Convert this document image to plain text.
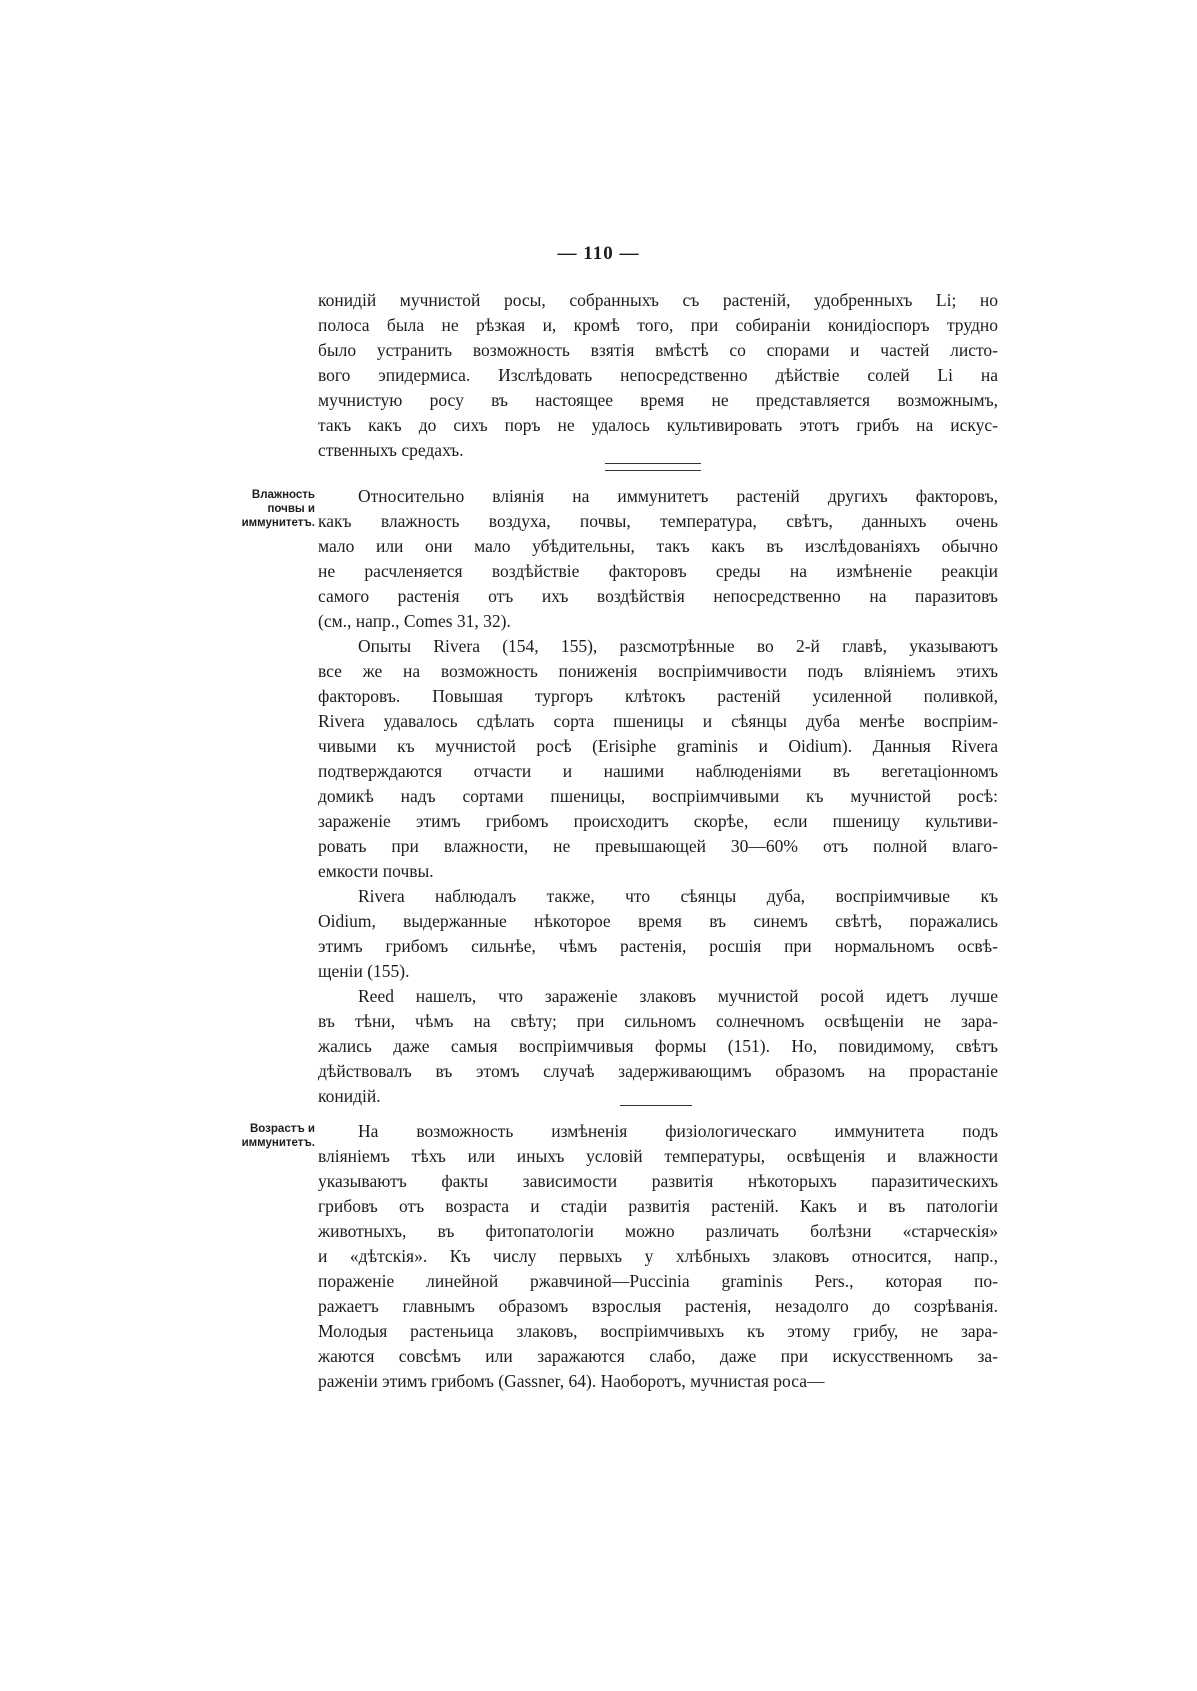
— 110 —
конидій мучнистой росы, собранныхъ съ растеній, удобренныхъ Li; но
полоса была не рѣзкая и, кромѣ того, при собираніи конидіоспоръ трудно
было устранить возможность взятія вмѣстѣ со спорами и частей листо-
вого эпидермиса. Изслѣдовать непосредственно дѣйствіе солей Li на
мучнистую росу въ настоящее время не представляется возможнымъ,
такъ какъ до сихъ поръ не удалось культивировать этотъ грибъ на искус-
ственныхъ средахъ.
Влажность
почвы и
иммунитетъ.
Относительно вліянія на иммунитетъ растеній другихъ факторовъ,
какъ влажность воздуха, почвы, температура, свѣтъ, данныхъ очень
мало или они мало убѣдительны, такъ какъ въ изслѣдованіяхъ обычно
не расчленяется воздѣйствіе факторовъ среды на измѣненіе реакціи
самого растенія отъ ихъ воздѣйствія непосредственно на паразитовъ
(см., напр., Comes 31, 32).
Опыты Rivera (154, 155), разсмотрѣнные во 2-й главѣ, указываютъ
все же на возможность пониженія воспріимчивости подъ вліяніемъ этихъ
факторовъ. Повышая тургоръ клѣтокъ растеній усиленной поливкой,
Rivera удавалось сдѣлать сорта пшеницы и сѣянцы дуба менѣе воспріим-
чивыми къ мучнистой росѣ (Erisiphe graminis и Oidium). Данныя Rivera
подтверждаются отчасти и нашими наблюденіями въ вегетаціонномъ
домикѣ надъ сортами пшеницы, воспріимчивыми къ мучнистой росѣ:
зараженіе этимъ грибомъ происходитъ скорѣе, если пшеницу культиви-
ровать при влажности, не превышающей 30—60% отъ полной влаго-
емкости почвы.
Rivera наблюдалъ также, что сѣянцы дуба, воспріимчивые къ
Oidium, выдержанные нѣкоторое время въ синемъ свѣтѣ, поражались
этимъ грибомъ сильнѣе, чѣмъ растенія, росшія при нормальномъ освѣ-
щеніи (155).
Reed нашелъ, что зараженіе злаковъ мучнистой росой идетъ лучше
въ тѣни, чѣмъ на свѣту; при сильномъ солнечномъ освѣщеніи не зара-
жались даже самыя воспріимчивыя формы (151). Но, повидимому, свѣтъ
дѣйствовалъ въ этомъ случаѣ задерживающимъ образомъ на прорастаніе
конидій.
Возрастъ и
иммунитетъ.
На возможность измѣненія физіологическаго иммунитета подъ
вліяніемъ тѣхъ или иныхъ условій температуры, освѣщенія и влажности
указываютъ факты зависимости развитія нѣкоторыхъ паразитическихъ
грибовъ отъ возраста и стадіи развитія растеній. Какъ и въ патологіи
животныхъ, въ фитопатологіи можно различать болѣзни «старческія»
и «дѣтскія». Къ числу первыхъ у хлѣбныхъ злаковъ относится, напр.,
пораженіе линейной ржавчиной—Puccinia graminis Pers., которая по-
ражаетъ главнымъ образомъ взрослыя растенія, незадолго до созрѣванія.
Молодыя растеньица злаковъ, воспріимчивыхъ къ этому грибу, не зара-
жаются совсѣмъ или заражаются слабо, даже при искусственномъ за-
раженіи этимъ грибомъ (Gassner, 64). Наоборотъ, мучнистая роса—
